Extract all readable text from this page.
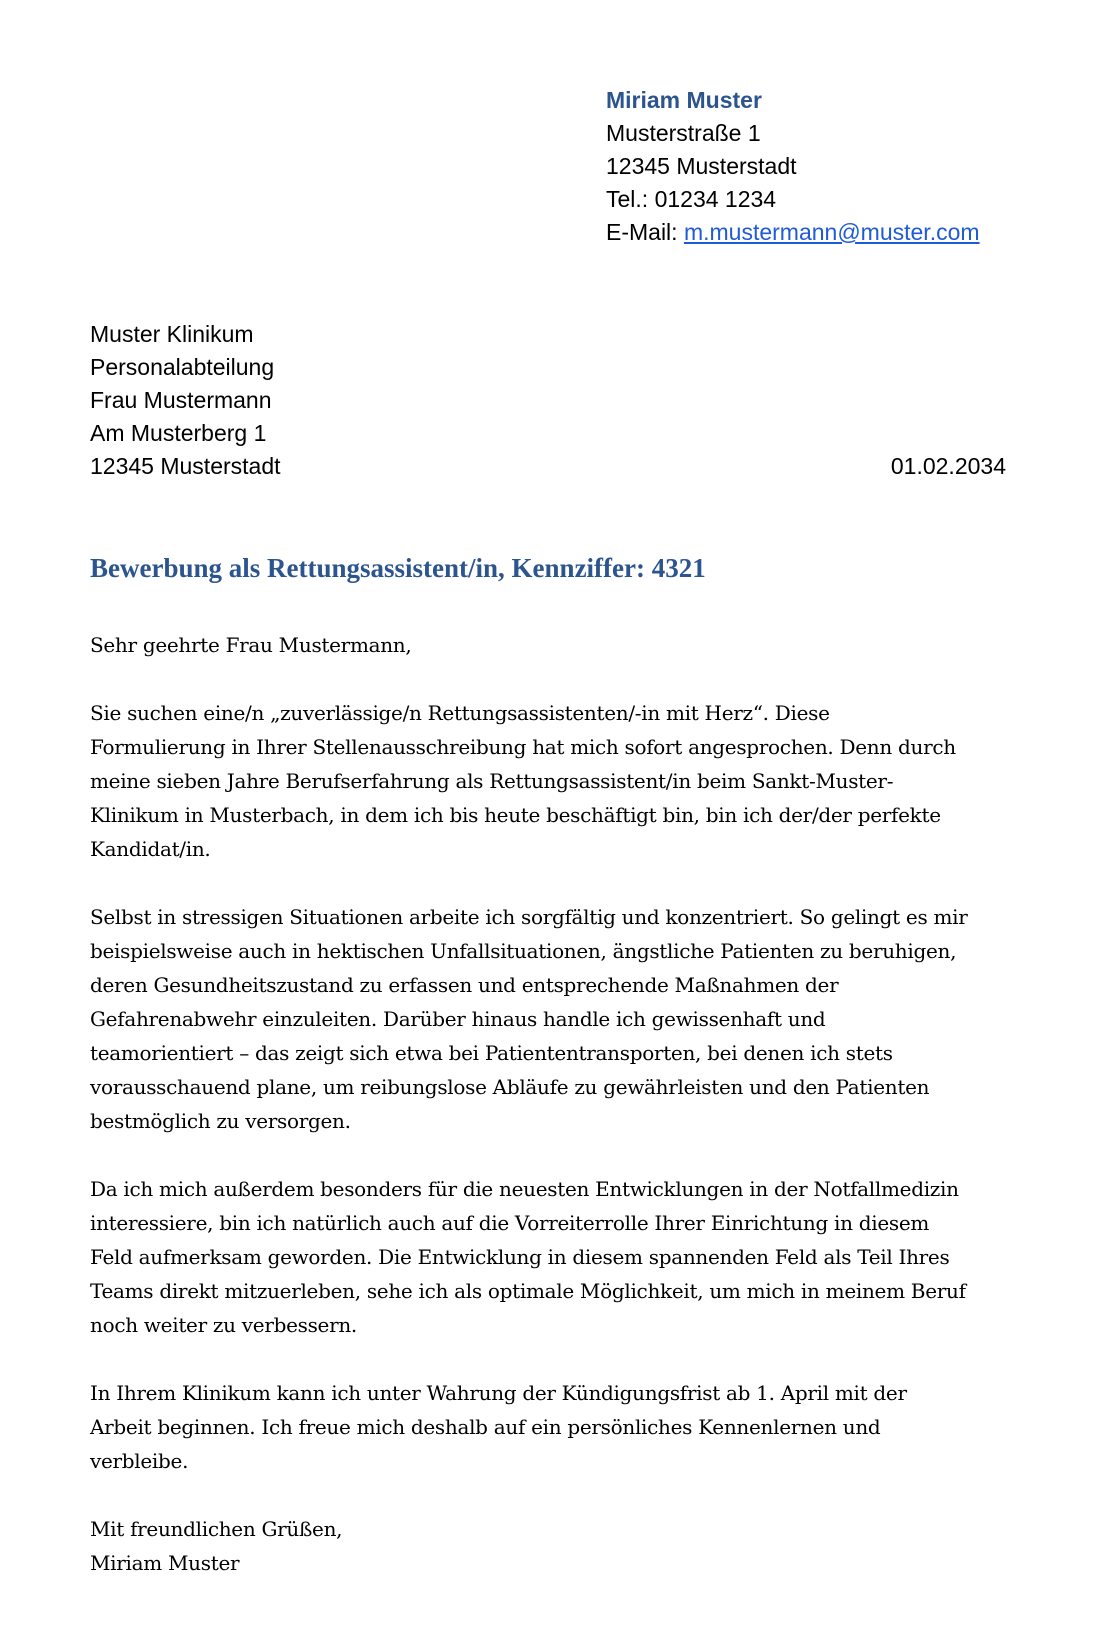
Miriam Muster
Musterstraße 1
12345 Musterstadt
Tel.: 01234 1234
E-Mail: m.mustermann@muster.com
Muster Klinikum
Personalabteilung
Frau Mustermann
Am Musterberg 1
12345 Musterstadt	01.02.2034
Bewerbung als Rettungsassistent/in, Kennziffer: 4321

Sehr geehrte Frau Mustermann,

Sie suchen eine/n „zuverlässige/n Rettungsassistenten/-in mit Herz“. Diese
Formulierung in Ihrer Stellenausschreibung hat mich sofort angesprochen. Denn durch
meine sieben Jahre Berufserfahrung als Rettungsassistent/in beim Sankt-Muster-
Klinikum in Musterbach, in dem ich bis heute beschäftigt bin, bin ich der/der perfekte
Kandidat/in.

Selbst in stressigen Situationen arbeite ich sorgfältig und konzentriert. So gelingt es mir
beispielsweise auch in hektischen Unfallsituationen, ängstliche Patienten zu beruhigen,
deren Gesundheitszustand zu erfassen und entsprechende Maßnahmen der
Gefahrenabwehr einzuleiten. Darüber hinaus handle ich gewissenhaft und
teamorientiert – das zeigt sich etwa bei Patiententransporten, bei denen ich stets
vorausschauend plane, um reibungslose Abläufe zu gewährleisten und den Patienten
bestmöglich zu versorgen.

Da ich mich außerdem besonders für die neuesten Entwicklungen in der Notfallmedizin
interessiere, bin ich natürlich auch auf die Vorreiterrolle Ihrer Einrichtung in diesem
Feld aufmerksam geworden. Die Entwicklung in diesem spannenden Feld als Teil Ihres
Teams direkt mitzuerleben, sehe ich als optimale Möglichkeit, um mich in meinem Beruf
noch weiter zu verbessern.

In Ihrem Klinikum kann ich unter Wahrung der Kündigungsfrist ab 1. April mit der
Arbeit beginnen. Ich freue mich deshalb auf ein persönliches Kennenlernen und
verbleibe.

Mit freundlichen Grüßen,
Miriam Muster
